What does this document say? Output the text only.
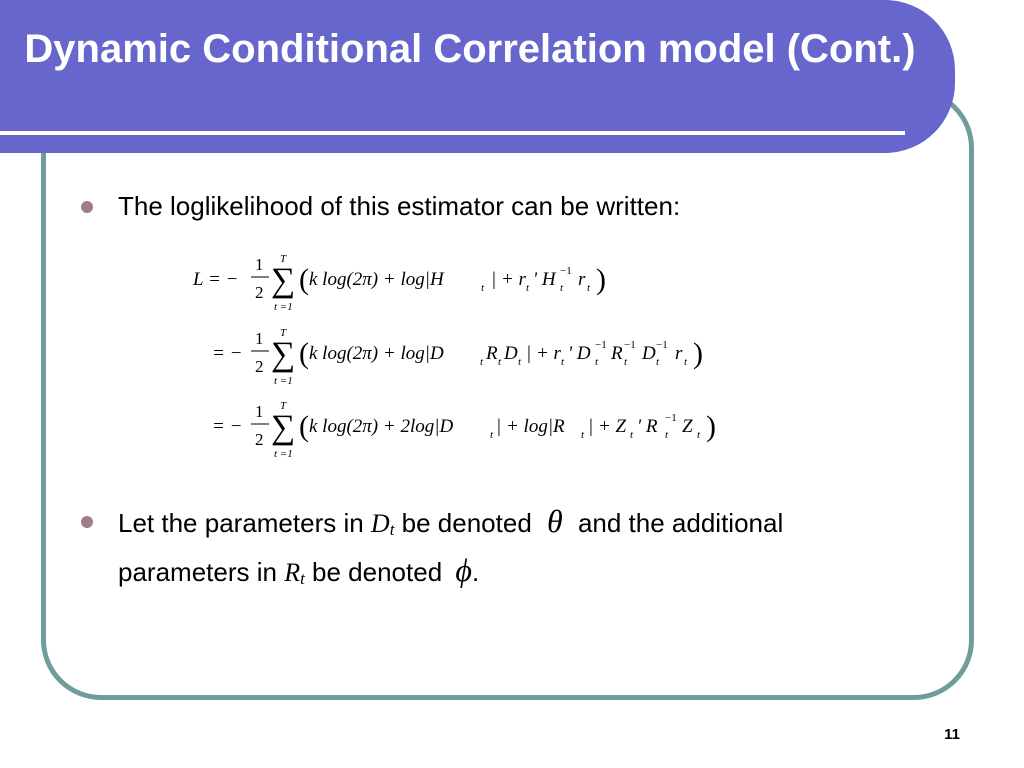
Dynamic Conditional Correlation model (Cont.)
The loglikelihood of this estimator can be written:
L = −
1
2
T
∑
t =1
( k log(2π) + log|H	t | + r t ' H t
−1 r t )
= −
1
2
T
∑
t =1
( k log(2π) + log|D	t R t D t | + r t ' D t
−1 R t
−1 D t
−1 r t )
= −
1
2
T
∑
t =1
( k log(2π) + 2log|D	t | + log|R t | + Z t ' R t
−1 Z t )
Let the parameters in Dt be denoted θ and the additional
parameters in Rt be denoted ϕ.
11
